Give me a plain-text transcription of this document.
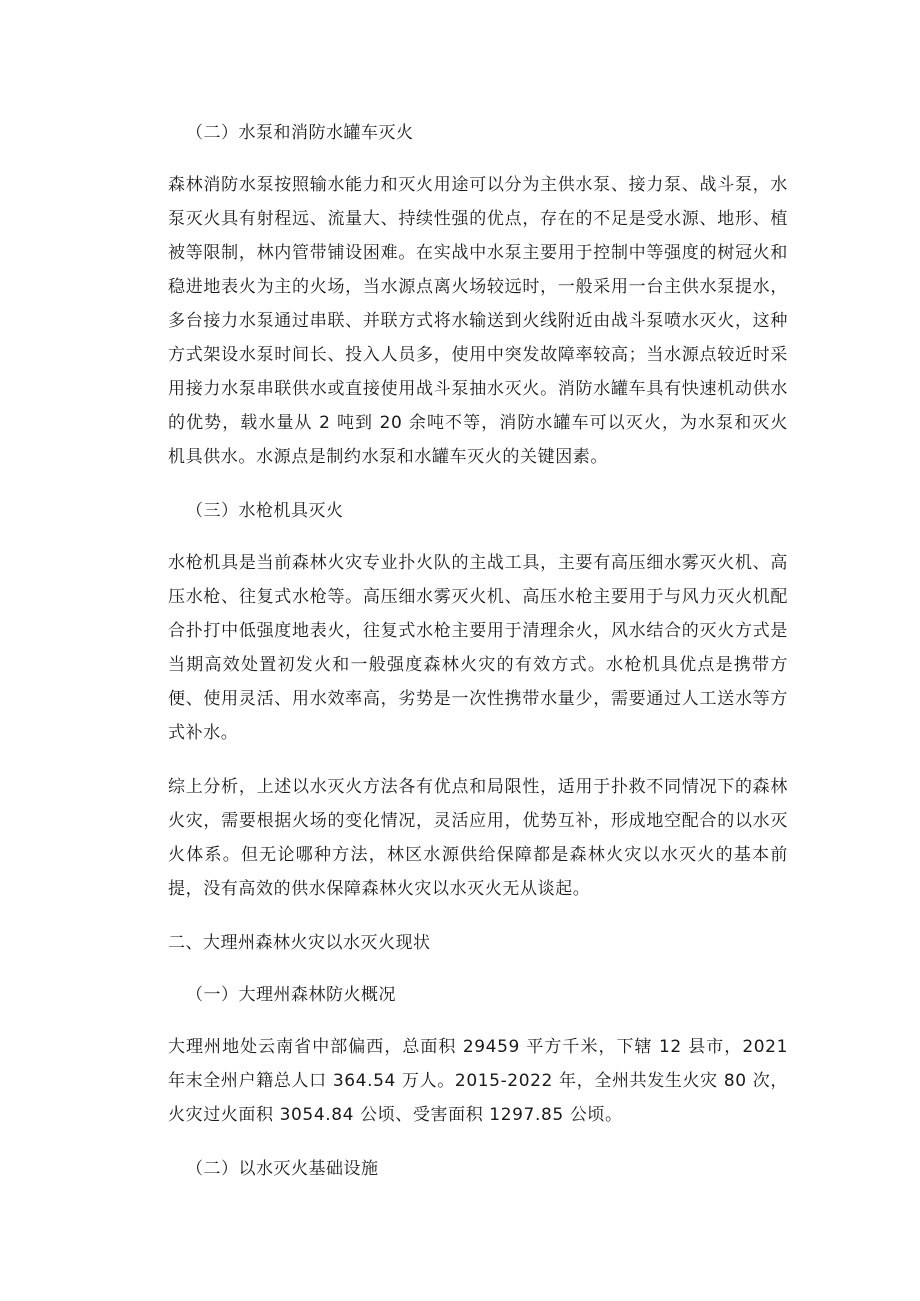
（二）水泵和消防水罐车灭火

森林消防水泵按照输水能力和灭火用途可以分为主供水泵、接力泵、战斗泵，水泵灭火具有射程远、流量大、持续性强的优点，存在的不足是受水源、地形、植被等限制，林内管带铺设困难。在实战中水泵主要用于控制中等强度的树冠火和稳进地表火为主的火场，当水源点离火场较远时，一般采用一台主供水泵提水，多台接力水泵通过串联、并联方式将水输送到火线附近由战斗泵喷水灭火，这种方式架设水泵时间长、投入人员多，使用中突发故障率较高；当水源点较近时采用接力水泵串联供水或直接使用战斗泵抽水灭火。消防水罐车具有快速机动供水的优势，载水量从 2 吨到 20 余吨不等，消防水罐车可以灭火，为水泵和灭火机具供水。水源点是制约水泵和水罐车灭火的关键因素。

（三）水枪机具灭火

水枪机具是当前森林火灾专业扑火队的主战工具，主要有高压细水雾灭火机、高压水枪、往复式水枪等。高压细水雾灭火机、高压水枪主要用于与风力灭火机配合扑打中低强度地表火，往复式水枪主要用于清理余火，风水结合的灭火方式是当期高效处置初发火和一般强度森林火灾的有效方式。水枪机具优点是携带方便、使用灵活、用水效率高，劣势是一次性携带水量少，需要通过人工送水等方式补水。

综上分析，上述以水灭火方法各有优点和局限性，适用于扑救不同情况下的森林火灾，需要根据火场的变化情况，灵活应用，优势互补，形成地空配合的以水灭火体系。但无论哪种方法，林区水源供给保障都是森林火灾以水灭火的基本前提，没有高效的供水保障森林火灾以水灭火无从谈起。

二、大理州森林火灾以水灭火现状

（一）大理州森林防火概况

大理州地处云南省中部偏西，总面积 29459 平方千米，下辖 12 县市，2021 年末全州户籍总人口 364.54 万人。2015-2022 年，全州共发生火灾 80 次，火灾过火面积 3054.84 公顷、受害面积 1297.85 公顷。

（二）以水灭火基础设施
